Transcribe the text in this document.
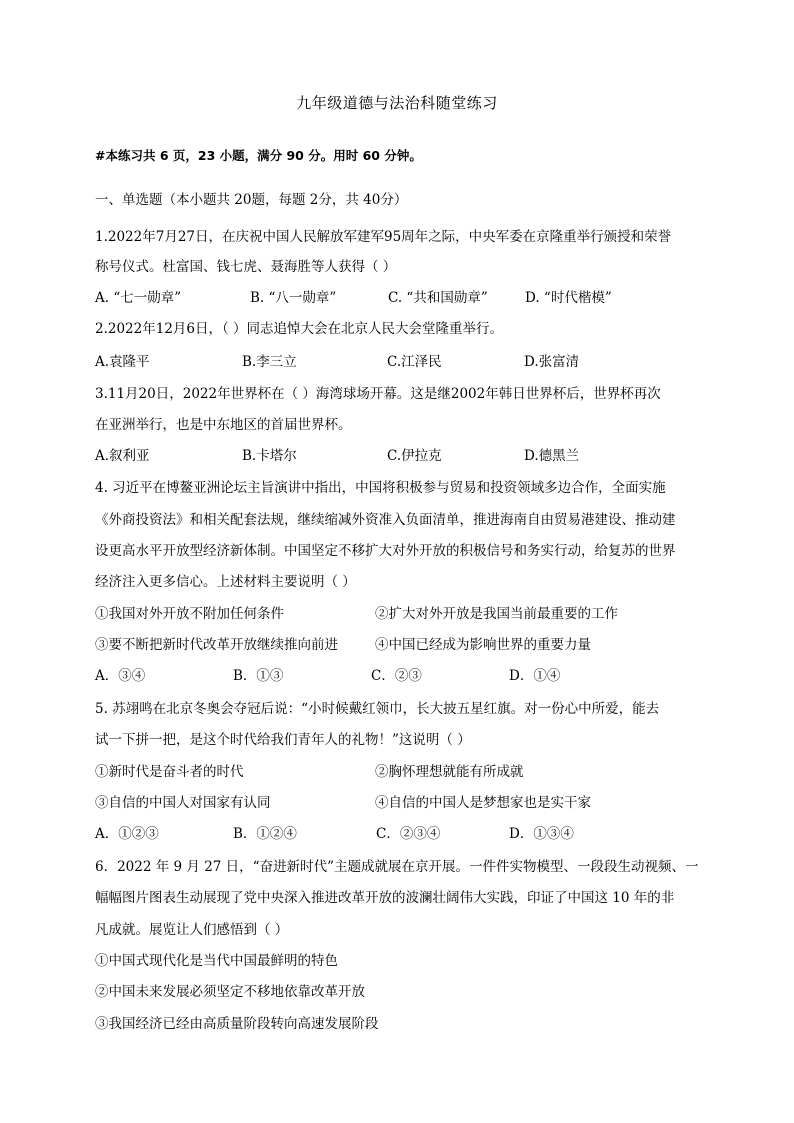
九年级道德与法治科随堂练习
#本练习共 6 页，23 小题，满分 90 分。用时 60 分钟。
一、单选题（本小题共 20题，每题 2分，共 40分）
1.2022年7月27日，在庆祝中国人民解放军建军95周年之际，中央军委在京隆重举行颁授和荣誉
称号仪式。杜富国、钱七虎、聂海胜等人获得（ ）
A. “七一勋章”	B. “八一勋章”	C. “共和国勋章”	D. “时代楷模”
2.2022年12月6日，（ ）同志追悼大会在北京人民大会堂隆重举行。
A.袁隆平	B.李三立	C.江泽民	D.张富清
3.11月20日，2022年世界杯在（ ）海湾球场开幕。这是继2002年韩日世界杯后，世界杯再次
在亚洲举行，也是中东地区的首届世界杯。
A.叙利亚	B.卡塔尔	C.伊拉克	D.德黑兰
4. 习近平在博鳌亚洲论坛主旨演讲中指出，中国将积极参与贸易和投资领域多边合作，全面实施
《外商投资法》和相关配套法规，继续缩减外资准入负面清单，推进海南自由贸易港建设、推动建
设更高水平开放型经济新体制。中国坚定不移扩大对外开放的积极信号和务实行动，给复苏的世界
经济注入更多信心。上述材料主要说明（ ）
①我国对外开放不附加任何条件	②扩大对外开放是我国当前最重要的工作
③要不断把新时代改革开放继续推向前进	④中国已经成为影响世界的重要力量
A．③④	B．①③	C．②③	D．①④
5. 苏翊鸣在北京冬奥会夺冠后说：“小时候戴红领巾，长大披五星红旗。对一份心中所爱，能去
试一下拼一把，是这个时代给我们青年人的礼物！”这说明（ ）
①新时代是奋斗者的时代	②胸怀理想就能有所成就
③自信的中国人对国家有认同	④自信的中国人是梦想家也是实干家
A．①②③	B．①②④	C．②③④	D．①③④
6．2022 年 9 月 27 日，“奋进新时代”主题成就展在京开展。一件件实物模型、一段段生动视频、一
幅幅图片图表生动展现了党中央深入推进改革开放的波澜壮阔伟大实践，印证了中国这 10 年的非
凡成就。展览让人们感悟到（ ）
①中国式现代化是当代中国最鲜明的特色
②中国未来发展必须坚定不移地依靠改革开放
③我国经济已经由高质量阶段转向高速发展阶段
